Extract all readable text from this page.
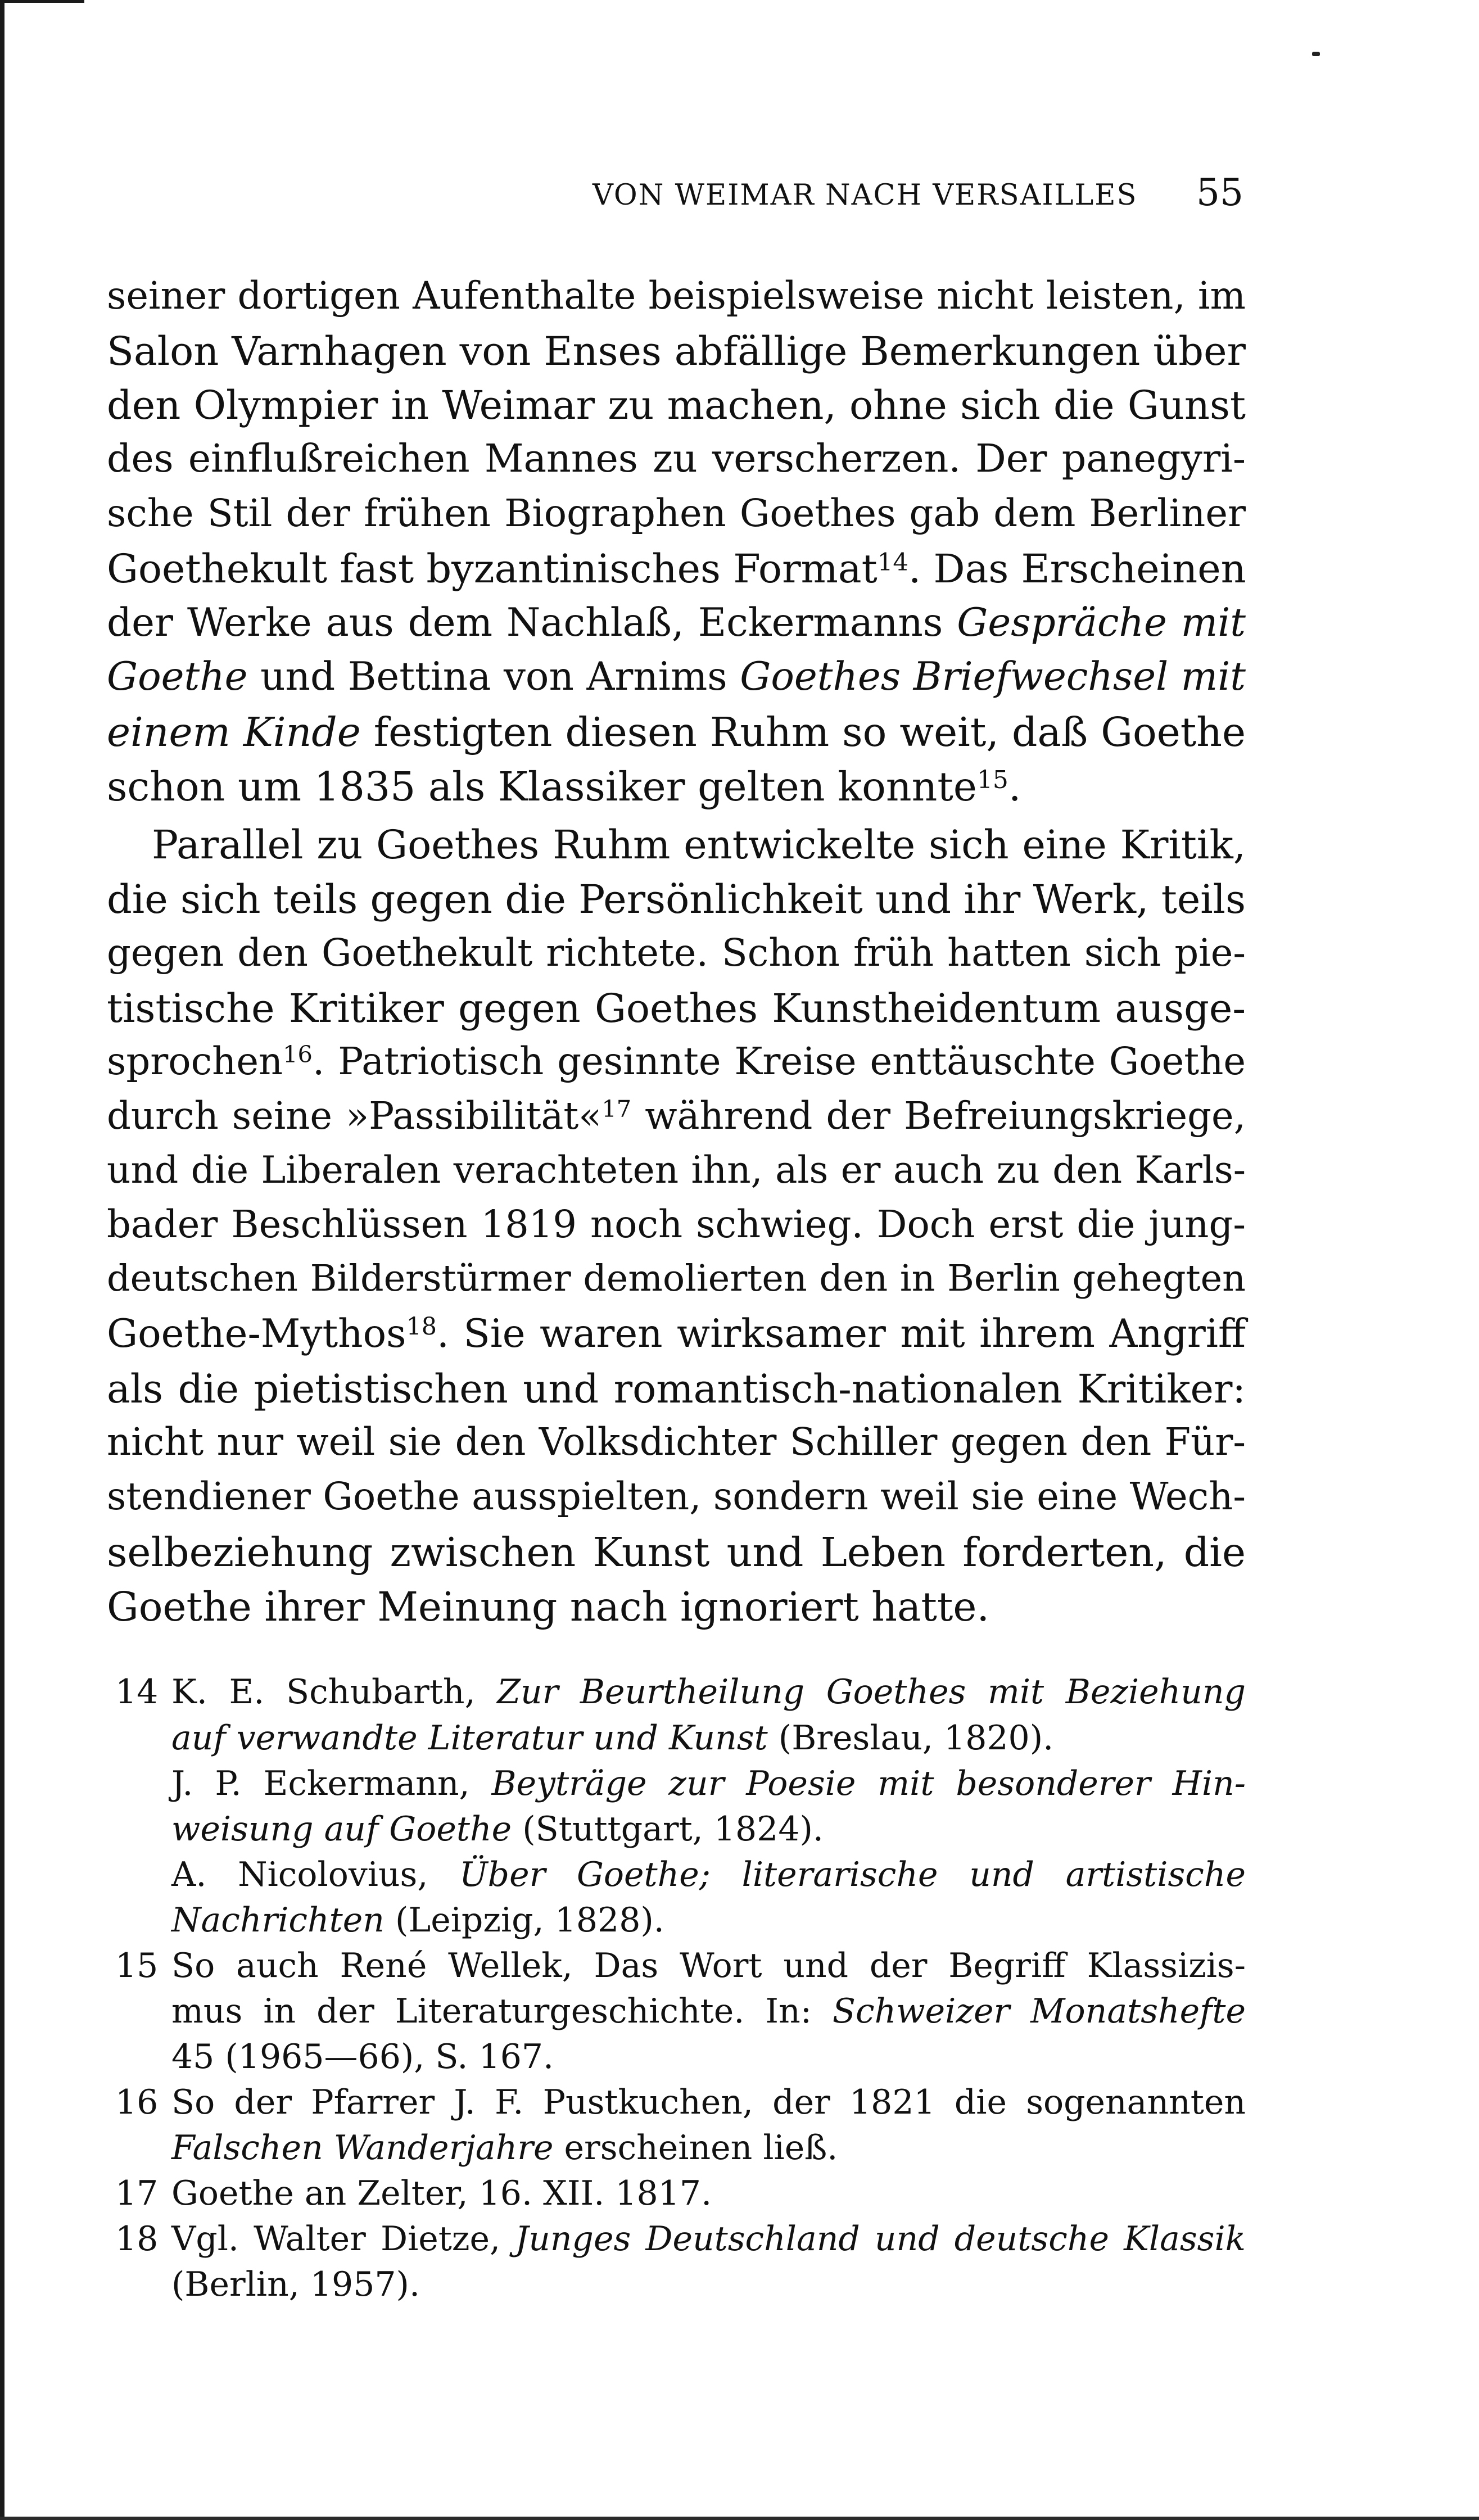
VON WEIMAR NACH VERSAILLES 55
seiner dortigen Aufenthalte beispielsweise nicht leisten, im
Salon Varnhagen von Enses abfällige Bemerkungen über
den Olympier in Weimar zu machen, ohne sich die Gunst
des einflußreichen Mannes zu verscherzen. Der panegyri-
sche Stil der frühen Biographen Goethes gab dem Berliner
Goethekult fast byzantinisches Format$^{14}$. Das Erscheinen
der Werke aus dem Nachlaß, Eckermanns Gespräche mit
Goethe und Bettina von Arnims Goethes Briefwechsel mit
einem Kinde festigten diesen Ruhm so weit, daß Goethe
schon um 1835 als Klassiker gelten konnte$^{15}$.
Parallel zu Goethes Ruhm entwickelte sich eine Kritik,
die sich teils gegen die Persönlichkeit und ihr Werk, teils
gegen den Goethekult richtete. Schon früh hatten sich pie-
tistische Kritiker gegen Goethes Kunstheidentum ausge-
sprochen$^{16}$. Patriotisch gesinnte Kreise enttäuschte Goethe
durch seine »Passibilität«$^{17}$ während der Befreiungskriege,
und die Liberalen verachteten ihn, als er auch zu den Karls-
bader Beschlüssen 1819 noch schwieg. Doch erst die jung-
deutschen Bilderstürmer demolierten den in Berlin gehegten
Goethe-Mythos$^{18}$. Sie waren wirksamer mit ihrem Angriff
als die pietistischen und romantisch-nationalen Kritiker:
nicht nur weil sie den Volksdichter Schiller gegen den Für-
stendiener Goethe ausspielten, sondern weil sie eine Wech-
selbeziehung zwischen Kunst und Leben forderten, die
Goethe ihrer Meinung nach ignoriert hatte.
14 K. E. Schubarth, Zur Beurtheilung Goethes mit Beziehung
auf verwandte Literatur und Kunst (Breslau, 1820).
J. P. Eckermann, Beyträge zur Poesie mit besonderer Hin-
weisung auf Goethe (Stuttgart, 1824).
A. Nicolovius, Über Goethe; literarische und artistische
Nachrichten (Leipzig, 1828).
15 So auch René Wellek, Das Wort und der Begriff Klassizis-
mus in der Literaturgeschichte. In: Schweizer Monatshefte
45 (1965—66), S. 167.
16 So der Pfarrer J. F. Pustkuchen, der 1821 die sogenannten
Falschen Wanderjahre erscheinen ließ.
17 Goethe an Zelter, 16. XII. 1817.
18 Vgl. Walter Dietze, Junges Deutschland und deutsche Klassik
(Berlin, 1957).
